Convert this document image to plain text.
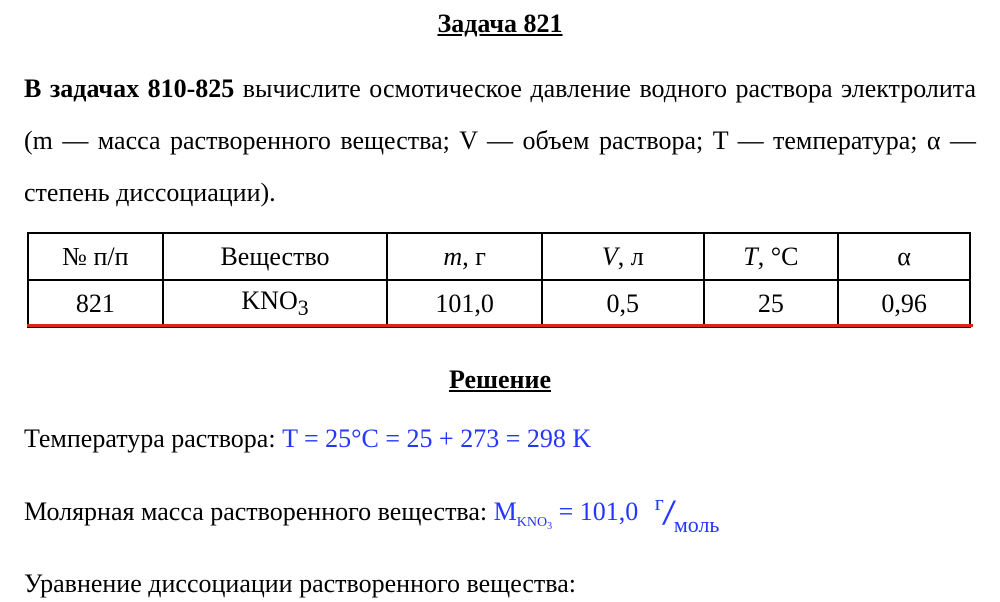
Задача 821
В задачах 810-825 вычислите осмотическое давление водного раствора электролита (m — масса растворенного вещества; V — объем раствора; T — температура; α — степень диссоциации).
№ п/п	Вещество	m, г	V, л	T, °C	α
821	$KNO_3$	101,0	0,5	25	0,96
Решение
Температура раствора: T = 25°C = 25 + 273 = 298 K
Молярная масса растворенного вещества: $M_{KNO3} = 101,0$ $^г/_{моль}$
Уравнение диссоциации растворенного вещества:
